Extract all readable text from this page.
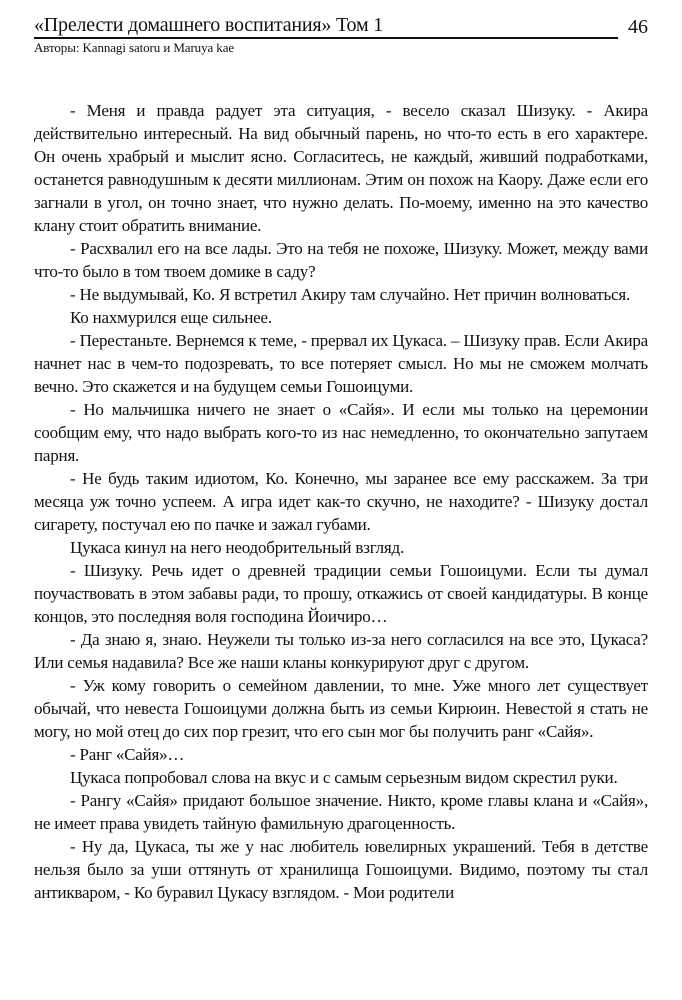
«Прелести домашнего воспитания» Том 1	46
Авторы: Kannagi satoru и Maruya kae

- Меня и правда радует эта ситуация, - весело сказал Шизуку. - Акира действительно интересный. На вид обычный парень, но что-то есть в его характере. Он очень храбрый и мыслит ясно. Согласитесь, не каждый, живший подработками, останется равнодушным к десяти миллионам. Этим он похож на Каору. Даже если его загнали в угол, он точно знает, что нужно делать. По-моему, именно на это качество клану стоит обратить внимание.

- Расхвалил его на все лады. Это на тебя не похоже, Шизуку. Может, между вами что-то было в том твоем домике в саду?

- Не выдумывай, Ко. Я встретил Акиру там случайно. Нет причин волноваться.

Ко нахмурился еще сильнее.

- Перестаньте. Вернемся к теме, - прервал их Цукаса. – Шизуку прав. Если Акира начнет нас в чем-то подозревать, то все потеряет смысл. Но мы не сможем молчать вечно. Это скажется и на будущем семьи Гошоицуми.

- Но мальчишка ничего не знает о «Сайя». И если мы только на церемонии сообщим ему, что надо выбрать кого-то из нас немедленно, то окончательно запутаем парня.

- Не будь таким идиотом, Ко. Конечно, мы заранее все ему расскажем. За три месяца уж точно успеем. А игра идет как-то скучно, не находите? - Шизуку достал сигарету, постучал ею по пачке и зажал губами.

Цукаса кинул на него неодобрительный взгляд.

- Шизуку. Речь идет о древней традиции семьи Гошоицуми. Если ты думал поучаствовать в этом забавы ради, то прошу, откажись от своей кандидатуры. В конце концов, это последняя воля господина Йоичиро…

- Да знаю я, знаю. Неужели ты только из-за него согласился на все это, Цукаса? Или семья надавила? Все же наши кланы конкурируют друг с другом.

- Уж кому говорить о семейном давлении, то мне. Уже много лет существует обычай, что невеста Гошоицуми должна быть из семьи Кирюин. Невестой я стать не могу, но мой отец до сих пор грезит, что его сын мог бы получить ранг «Сайя».

- Ранг «Сайя»…

Цукаса попробовал слова на вкус и с самым серьезным видом скрестил руки.

- Рангу «Сайя» придают большое значение. Никто, кроме главы клана и «Сайя», не имеет права увидеть тайную фамильную драгоценность.

- Ну да, Цукаса, ты же у нас любитель ювелирных украшений. Тебя в детстве нельзя было за уши оттянуть от хранилища Гошоицуми. Видимо, поэтому ты стал антикваром, - Ко буравил Цукасу взглядом. - Мои родители
